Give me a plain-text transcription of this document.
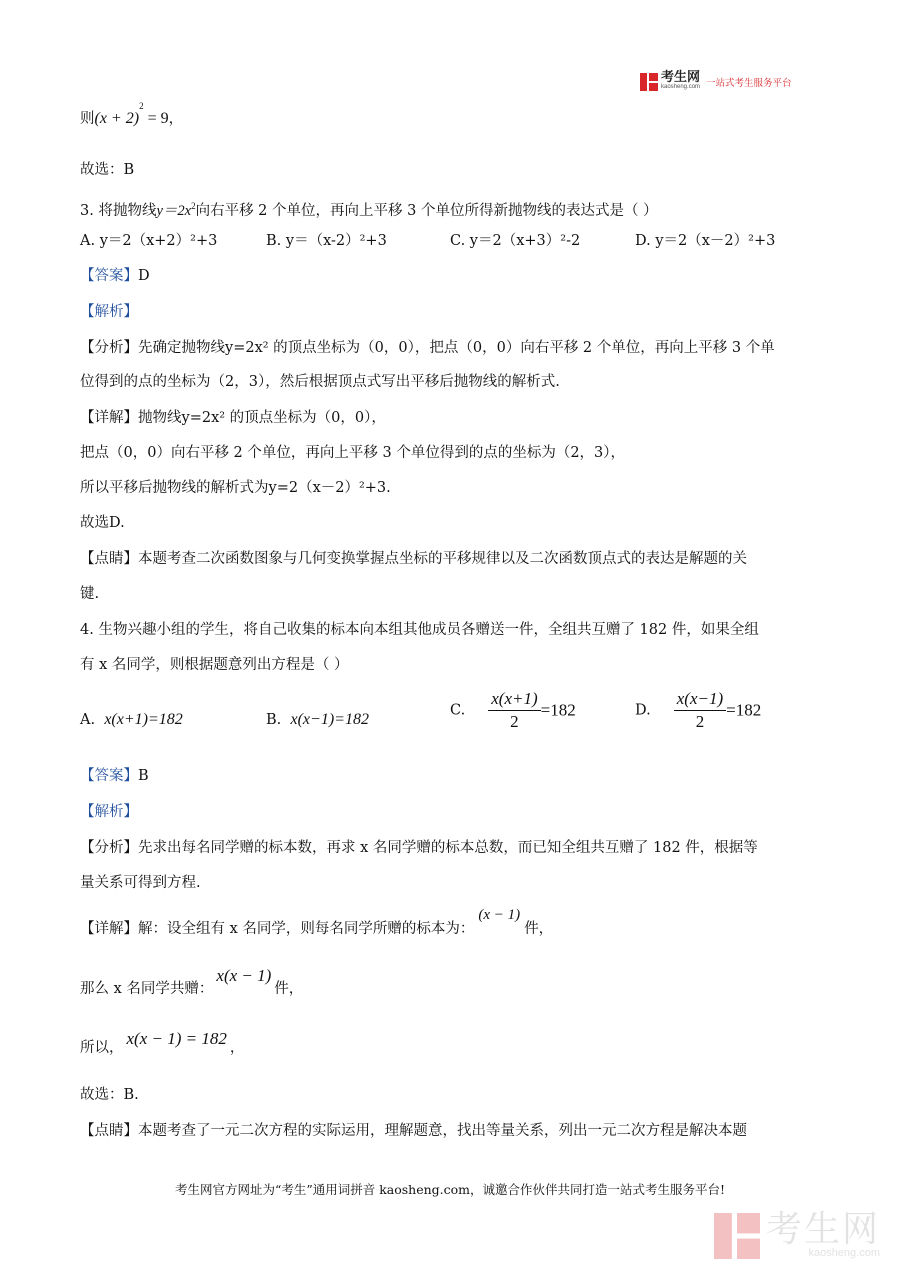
考生网
kaosheng.com 一站式考生服务平台
则$(x + 2)^2 = 9$，
故选：B
3. 将抛物线$y=2x^2$向右平移 2 个单位，再向上平移 3 个单位所得新抛物线的表达式是（ ）
A. y＝2（x+2）²+3	B. y＝（x-2）²+3	C. y＝2（x+3）²-2	D. y＝2（x－2）²+3
【答案】D
【解析】
【分析】先确定抛物线y=2x² 的顶点坐标为（0，0），把点（0，0）向右平移 2 个单位，再向上平移 3 个单
位得到的点的坐标为（2，3），然后根据顶点式写出平移后抛物线的解析式.
【详解】抛物线y=2x² 的顶点坐标为（0，0），
把点（0，0）向右平移 2 个单位，再向上平移 3 个单位得到的点的坐标为（2，3），
所以平移后抛物线的解析式为y=2（x－2）²+3.
故选D.
【点睛】本题考查二次函数图象与几何变换掌握点坐标的平移规律以及二次函数顶点式的表达是解题的关
键.
4. 生物兴趣小组的学生，将自己收集的标本向本组其他成员各赠送一件，全组共互赠了 182 件，如果全组
有 x 名同学，则根据题意列出方程是（ ）
A. x(x+1)=182	B. x(x−1)=182
C. $\frac{x(x+1)}{2} =182$	D. $\frac{x(x-1)}{2} =182$
【答案】B
【解析】
【分析】先求出每名同学赠的标本数，再求 x 名同学赠的标本总数，而已知全组共互赠了 182 件，根据等
量关系可得到方程.
【详解】解：设全组有 x 名同学，则每名同学所赠的标本为：(x − 1)件，
那么 x 名同学共赠：x(x − 1)件，
所以， x(x − 1) = 182 ，
故选：B.
【点睛】本题考查了一元二次方程的实际运用，理解题意，找出等量关系，列出一元二次方程是解决本题
考生网官方网址为“考生”通用词拼音 kaosheng.com，诚邀合作伙伴共同打造一站式考生服务平台!
考生网
kaosheng.com
